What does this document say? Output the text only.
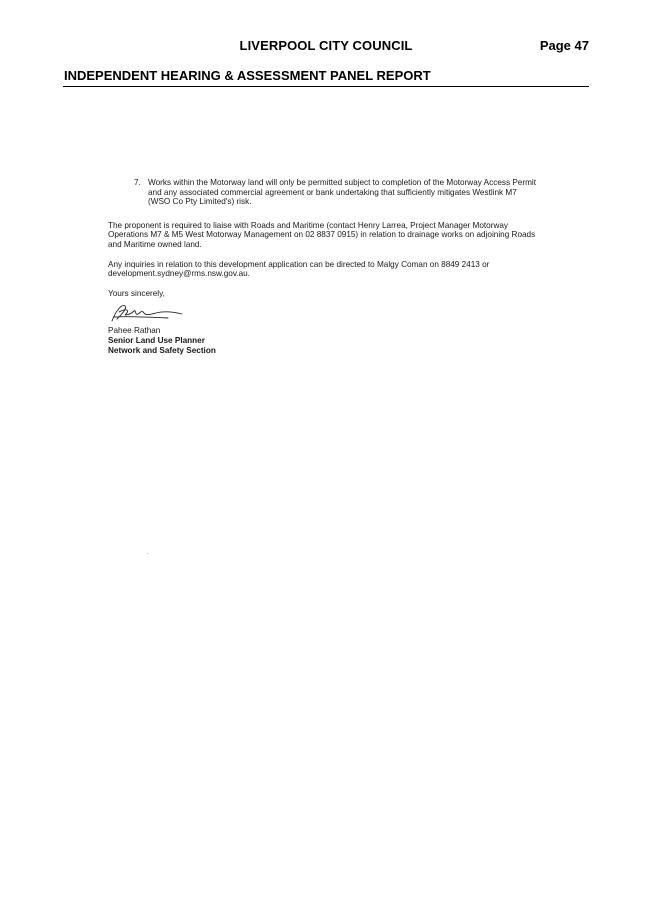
LIVERPOOL CITY COUNCIL	Page 47
INDEPENDENT HEARING & ASSESSMENT PANEL REPORT
7. Works within the Motorway land will only be permitted subject to completion of the Motorway Access Permit and any associated commercial agreement or bank undertaking that sufficiently mitigates Westlink M7 (WSO Co Pty Limited's) risk.

The proponent is required to liaise with Roads and Maritime (contact Henry Larrea, Project Manager Motorway Operations M7 & M5 West Motorway Management on 02 8837 0915) in relation to drainage works on adjoining Roads and Maritime owned land.

Any inquiries in relation to this development application can be directed to Malgy Coman on 8849 2413 or development.sydney@rms.nsw.gov.au.

Yours sincerely,

Pahee Rathan

Senior Land Use Planner

Network and Safety Section
